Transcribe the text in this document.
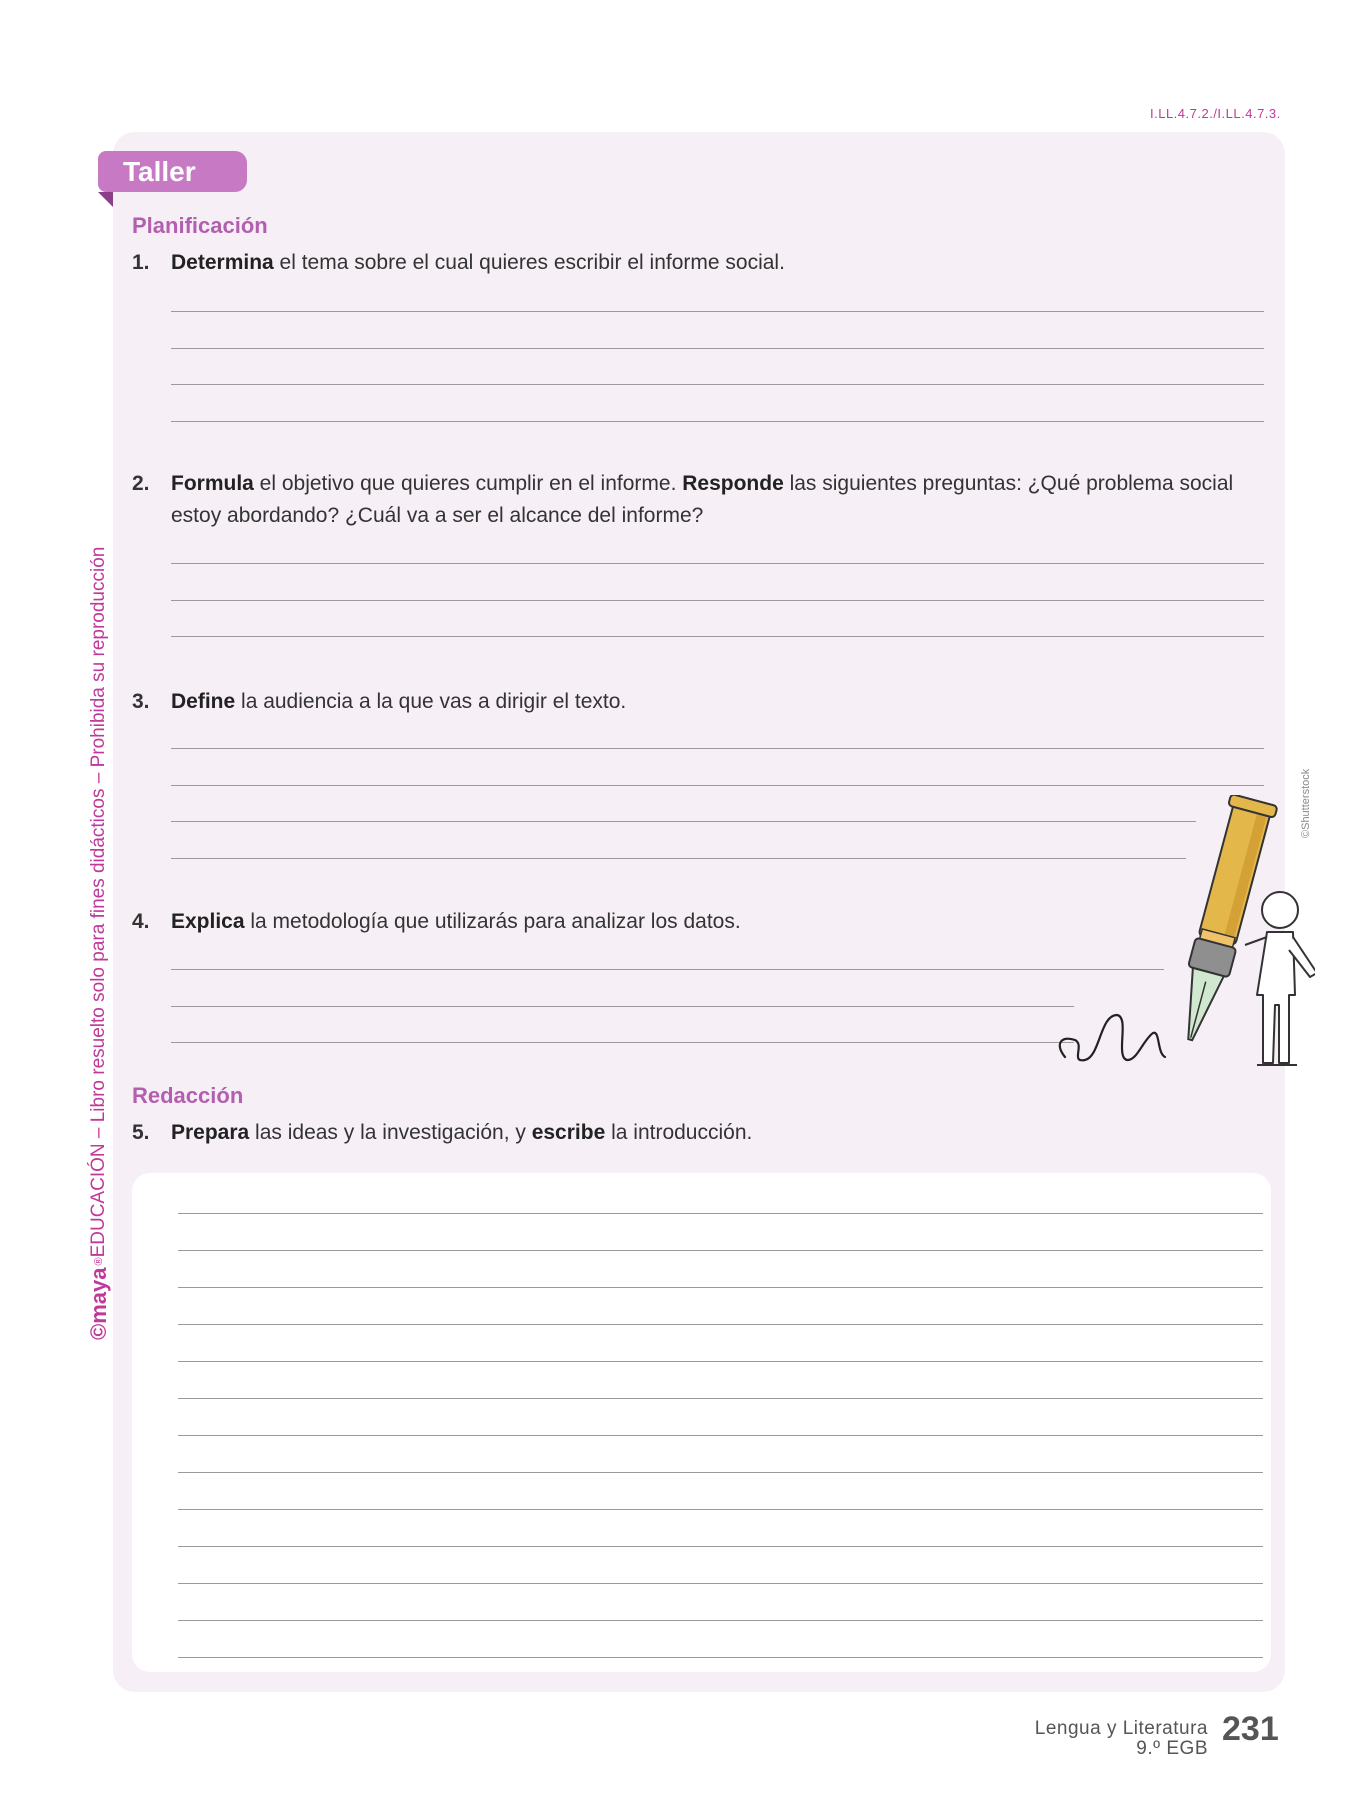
I.LL.4.7.2./I.LL.4.7.3.
©maya
®
EDUCACIÓN – Libro resuelto solo para fines didácticos – Prohibida su reproducción	©Shutterstock
Taller
Planificación
1.	Determina el tema sobre el cual quieres escribir el informe social.
2.	Formula el objetivo que quieres cumplir en el informe. Responde las siguientes preguntas: ¿Qué problema social estoy abordando? ¿Cuál va a ser el alcance del informe?
3.	Define la audiencia a la que vas a dirigir el texto.
4.	Explica la metodología que utilizarás para analizar los datos.
Redacción
5.	Prepara las ideas y la investigación, y escribe la introducción.
Lengua y Literatura
9.º EGB
231
